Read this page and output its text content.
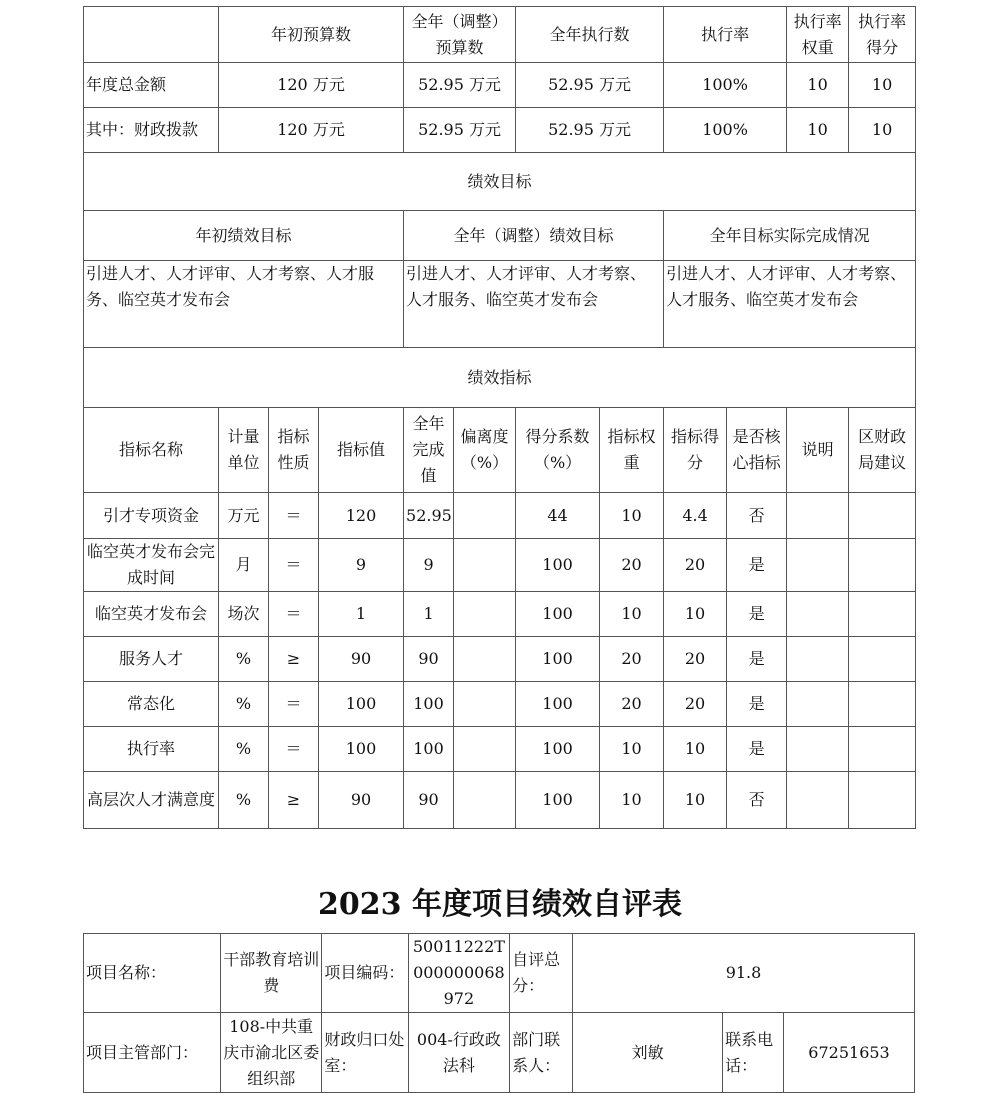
	年初预算数			全年（调整）预算数		全年执行数		执行率		执行率权重	执行率得分
年度总金额	120 万元			52.95 万元		52.95 万元		100%		10	10
其中：财政拨款	120 万元			52.95 万元		52.95 万元		100%		10	10
绩效目标											
年初绩效目标				全年（调整）绩效目标				全年目标实际完成情况			
引进人才、人才评审、人才考察、人才服务、临空英才发布会				引进人才、人才评审、人才考察、人才服务、临空英才发布会				引进人才、人才评审、人才考察、人才服务、临空英才发布会			
绩效指标											
指标名称	计量单位	指标性质	指标值	全年完成值	偏离度（%）	得分系数（%）	指标权重	指标得分	是否核心指标	说明	区财政局建议
引才专项资金	万元	＝	120	52.95		44	10	4.4	否		
临空英才发布会完成时间	月	＝	9	9		100	20	20	是		
临空英才发布会	场次	＝	1	1		100	10	10	是		
服务人才	%	≥	90	90		100	20	20	是		
常态化	%	＝	100	100		100	20	20	是		
执行率	%	＝	100	100		100	10	10	是		
高层次人才满意度	%	≥	90	90		100	10	10	否		
2023 年度项目绩效自评表
项目名称：	干部教育培训费	项目编码：	50011222T000000068972	自评总分：	91.8		
项目主管部门：	108-中共重庆市渝北区委组织部	财政归口处室：	004-行政政法科	部门联系人：	刘敏	联系电话：	67251653
